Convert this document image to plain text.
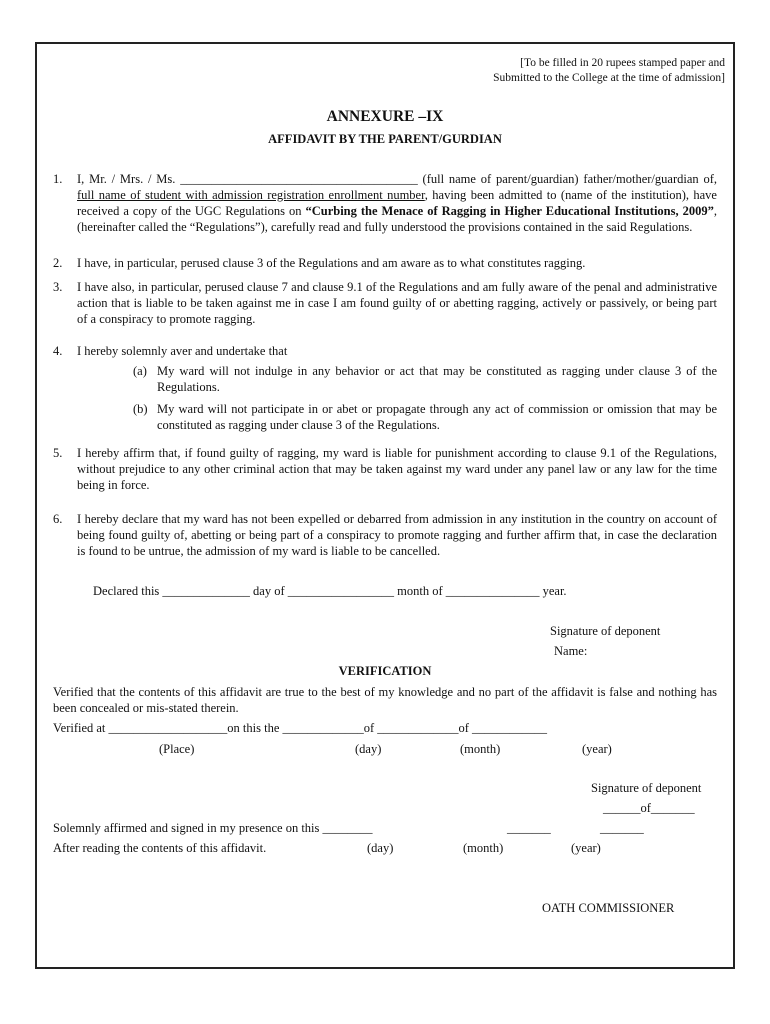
[To be filled in 20 rupees stamped paper and
Submitted to the College at the time of admission]
ANNEXURE –IX
AFFIDAVIT BY THE PARENT/GURDIAN
1. I, Mr. / Mrs. / Ms. ______________________________________ (full name of parent/guardian) father/mother/guardian of, full name of student with admission registration enrollment number, having been admitted to (name of the institution), have received a copy of the UGC Regulations on “Curbing the Menace of Ragging in Higher Educational Institutions, 2009”, (hereinafter called the “Regulations”), carefully read and fully understood the provisions contained in the said Regulations.
2. I have, in particular, perused clause 3 of the Regulations and am aware as to what constitutes ragging.
3. I have also, in particular, perused clause 7 and clause 9.1 of the Regulations and am fully aware of the penal and administrative action that is liable to be taken against me in case I am found guilty of or abetting ragging, actively or passively, or being part of a conspiracy to promote ragging.
4. I hereby solemnly aver and undertake that
(a) My ward will not indulge in any behavior or act that may be constituted as ragging under clause 3 of the Regulations.
(b) My ward will not participate in or abet or propagate through any act of commission or omission that may be constituted as ragging under clause 3 of the Regulations.
5. I hereby affirm that, if found guilty of ragging, my ward is liable for punishment according to clause 9.1 of the Regulations, without prejudice to any other criminal action that may be taken against my ward under any panel law or any law for the time being in force.
6. I hereby declare that my ward has not been expelled or debarred from admission in any institution in the country on account of being found guilty of, abetting or being part of a conspiracy to promote ragging and further affirm that, in case the declaration is found to be untrue, the admission of my ward is liable to be cancelled.
Declared this ______________ day of _________________ month of _______________ year.
Signature of deponent
Name:
VERIFICATION
Verified that the contents of this affidavit are true to the best of my knowledge and no part of the affidavit is false and nothing has been concealed or mis-stated therein.
Verified at ___________________on this the _____________of _____________of ____________
(Place)	(day)	(month)	(year)
Signature of deponent
______of_______
Solemnly affirmed and signed in my presence on this ________	_______	_______
After reading the contents of this affidavit.	(day)	(month)	(year)
OATH COMMISSIONER
